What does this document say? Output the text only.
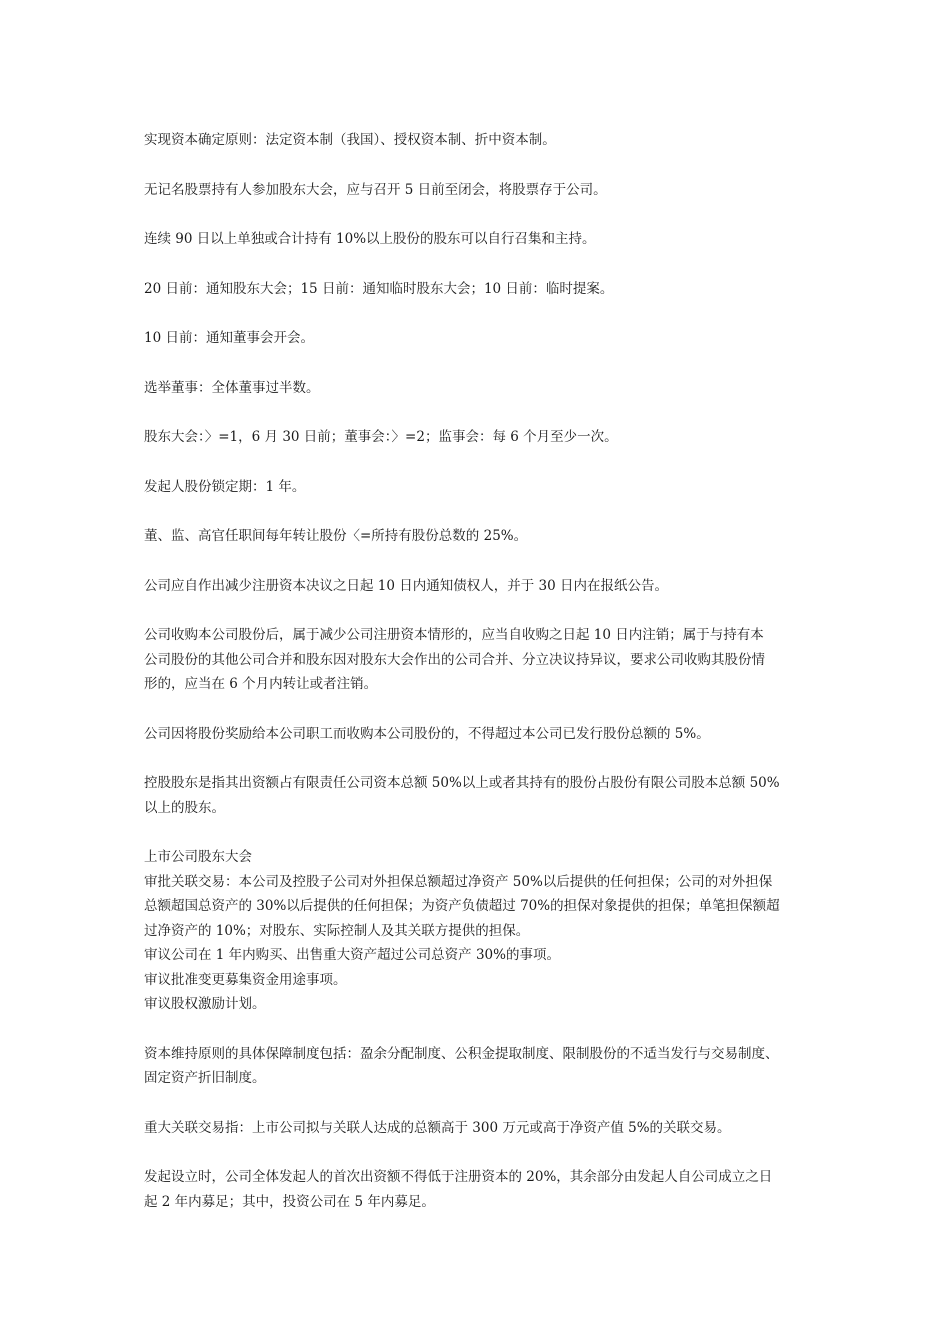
实现资本确定原则：法定资本制（我国）、授权资本制、折中资本制。
无记名股票持有人参加股东大会，应与召开 5 日前至闭会，将股票存于公司。
连续 90 日以上单独或合计持有 10%以上股份的股东可以自行召集和主持。
20 日前：通知股东大会；15 日前：通知临时股东大会；10 日前：临时提案。
10 日前：通知董事会开会。
选举董事：全体董事过半数。
股东大会：〉=1，6 月 30 日前；董事会：〉=2；监事会：每 6 个月至少一次。
发起人股份锁定期：1 年。
董、监、高官任职间每年转让股份〈=所持有股份总数的 25%。
公司应自作出减少注册资本决议之日起 10 日内通知债权人，并于 30 日内在报纸公告。
公司收购本公司股份后，属于减少公司注册资本情形的，应当自收购之日起 10 日内注销；属于与持有本
公司股份的其他公司合并和股东因对股东大会作出的公司合并、分立决议持异议，要求公司收购其股份情
形的，应当在 6 个月内转让或者注销。
公司因将股份奖励给本公司职工而收购本公司股份的，不得超过本公司已发行股份总额的 5%。
控股股东是指其出资额占有限责任公司资本总额 50%以上或者其持有的股份占股份有限公司股本总额 50%
以上的股东。
上市公司股东大会
审批关联交易：本公司及控股子公司对外担保总额超过净资产 50%以后提供的任何担保；公司的对外担保
总额超国总资产的 30%以后提供的任何担保；为资产负债超过 70%的担保对象提供的担保；单笔担保额超
过净资产的 10%；对股东、实际控制人及其关联方提供的担保。
审议公司在 1 年内购买、出售重大资产超过公司总资产 30%的事项。
审议批准变更募集资金用途事项。
审议股权激励计划。
资本维持原则的具体保障制度包括：盈余分配制度、公积金提取制度、限制股份的不适当发行与交易制度、
固定资产折旧制度。
重大关联交易指：上市公司拟与关联人达成的总额高于 300 万元或高于净资产值 5%的关联交易。
发起设立时，公司全体发起人的首次出资额不得低于注册资本的 20%，其余部分由发起人自公司成立之日
起 2 年内募足；其中，投资公司在 5 年内募足。
